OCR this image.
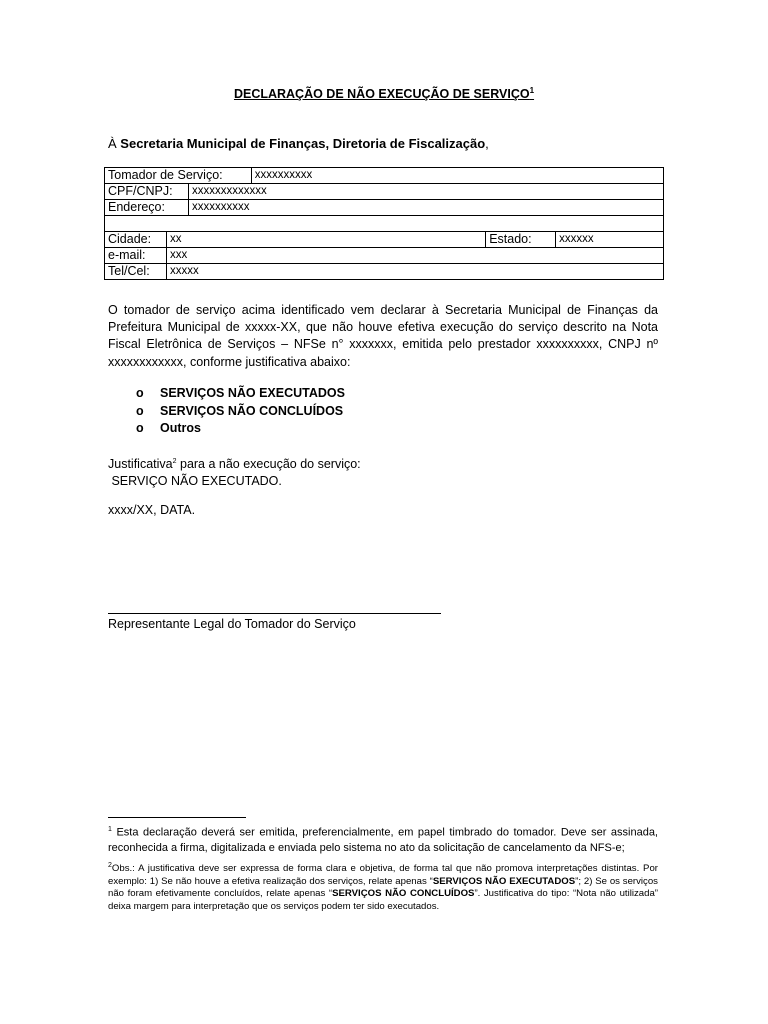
DECLARAÇÃO DE NÃO EXECUÇÃO DE SERVIÇO$^1$
À Secretaria Municipal de Finanças, Diretoria de Fiscalização,
Tomador de Serviço:			xxxxxxxxxx		
CPF/CNPJ:		xxxxxxxxxxxxx			
Endereço:		xxxxxxxxxx			

Cidade:	xx			Estado:	xxxxxx
e-mail:	xxx				
Tel/Cel:	xxxxx				
O tomador de serviço acima identificado vem declarar à Secretaria Municipal de Finanças da Prefeitura Municipal de xxxxx-XX, que não houve efetiva execução do serviço descrito na Nota Fiscal Eletrônica de Serviços – NFSe n° xxxxxxx, emitida pelo prestador xxxxxxxxxx, CNPJ nº xxxxxxxxxxxx, conforme justificativa abaixo:
o SERVIÇOS NÃO EXECUTADOS
o SERVIÇOS NÃO CONCLUÍDOS
o Outros
Justificativa$^2$ para a não execução do serviço:
SERVIÇO NÃO EXECUTADO.
xxxx/XX, DATA.
Representante Legal do Tomador do Serviço
$^1$ Esta declaração deverá ser emitida, preferencialmente, em papel timbrado do tomador. Deve ser assinada, reconhecida a firma, digitalizada e enviada pelo sistema no ato da solicitação de cancelamento da NFS-e;
$^2$Obs.: A justificativa deve ser expressa de forma clara e objetiva, de forma tal que não promova interpretações distintas. Por exemplo: 1) Se não houve a efetiva realização dos serviços, relate apenas “SERVIÇOS NÃO EXECUTADOS”; 2) Se os serviços não foram efetivamente concluídos, relate apenas “SERVIÇOS NÃO CONCLUÍDOS”. Justificativa do tipo: “Nota não utilizada” deixa margem para interpretação que os serviços podem ter sido executados.
